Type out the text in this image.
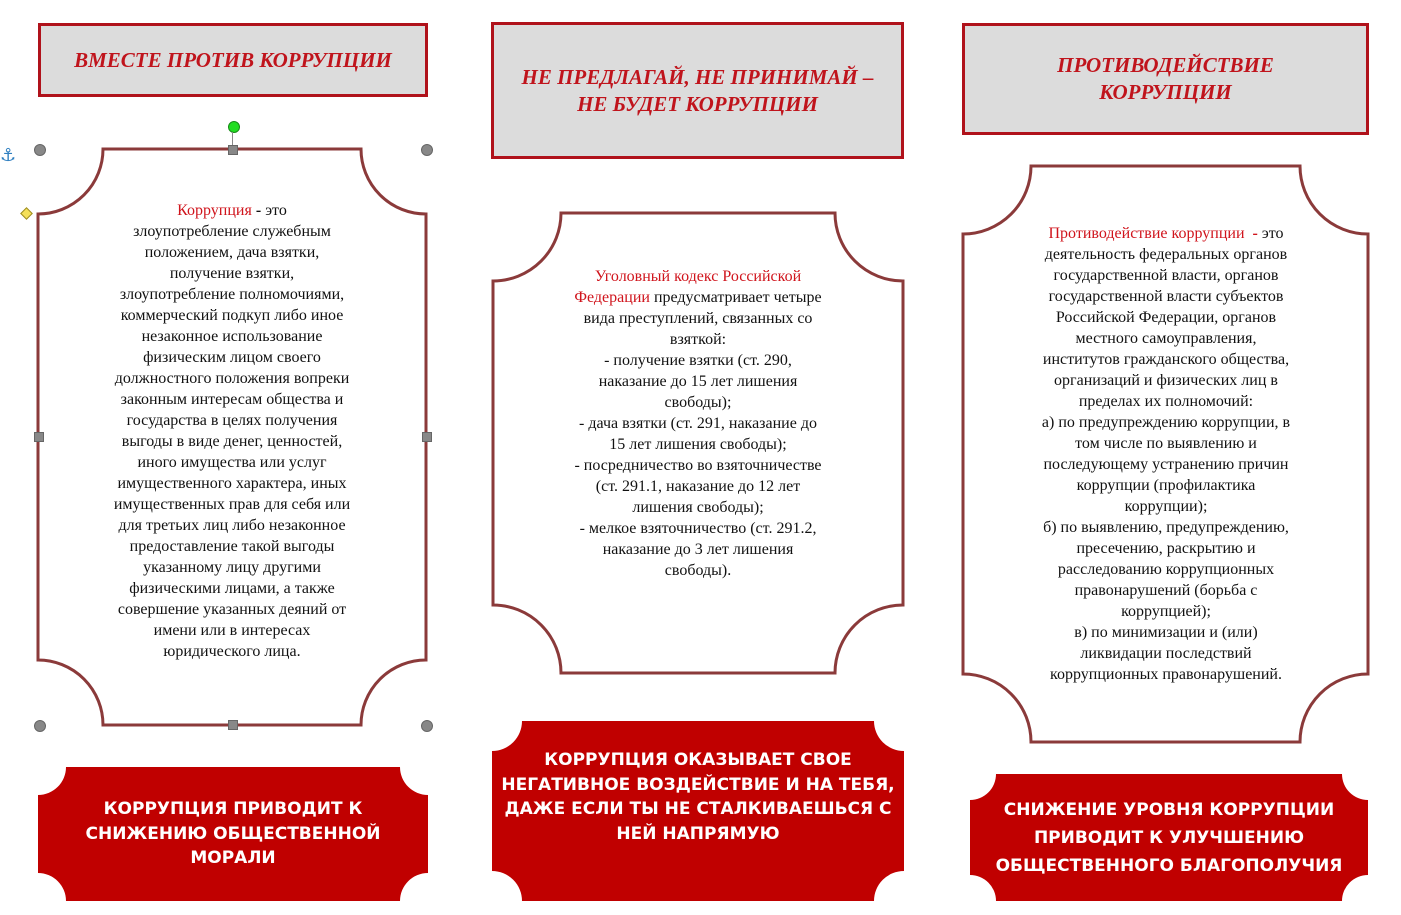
ВМЕСТЕ ПРОТИВ КОРРУПЦИИ
Коррупция - это
злоупотребление служебным
положением, дача взятки,
получение взятки,
злоупотребление полномочиями,
коммерческий подкуп либо иное
незаконное использование
физическим лицом своего
должностного положения вопреки
законным интересам общества и
государства в целях получения
выгоды в виде денег, ценностей,
иного имущества или услуг
имущественного характера, иных
имущественных прав для себя или
для третьих лиц либо незаконное
предоставление такой выгоды
указанному лицу другими
физическими лицами, а также
совершение указанных деяний от
имени или в интересах
юридического лица.
⚓
КОРРУПЦИЯ ПРИВОДИТ К
СНИЖЕНИЮ ОБЩЕСТВЕННОЙ
МОРАЛИ
НЕ ПРЕДЛАГАЙ, НЕ ПРИНИМАЙ –
НЕ БУДЕТ КОРРУПЦИИ
Уголовный кодекс Российской
Федерации предусматривает четыре
вида преступлений, связанных со
взяткой:
- получение взятки (ст. 290,
наказание до 15 лет лишения
свободы);
- дача взятки (ст. 291, наказание до
15 лет лишения свободы);
- посредничество во взяточничестве
(ст. 291.1, наказание до 12 лет
лишения свободы);
- мелкое взяточничество (ст. 291.2,
наказание до 3 лет лишения
свободы).
КОРРУПЦИЯ ОКАЗЫВАЕТ СВОЕ
НЕГАТИВНОЕ ВОЗДЕЙСТВИЕ И НА ТЕБЯ,
ДАЖЕ ЕСЛИ ТЫ НЕ СТАЛКИВАЕШЬСЯ С
НЕЙ НАПРЯМУЮ
ПРОТИВОДЕЙСТВИЕ
КОРРУПЦИИ
Противодействие коррупции  - это
деятельность федеральных органов
государственной власти, органов
государственной власти субъектов
Российской Федерации, органов
местного самоуправления,
институтов гражданского общества,
организаций и физических лиц в
пределах их полномочий:
а) по предупреждению коррупции, в
том числе по выявлению и
последующему устранению причин
коррупции (профилактика
коррупции);
б) по выявлению, предупреждению,
пресечению, раскрытию и
расследованию коррупционных
правонарушений (борьба с
коррупцией);
в) по минимизации и (или)
ликвидации последствий
коррупционных правонарушений.
СНИЖЕНИЕ УРОВНЯ КОРРУПЦИИ
ПРИВОДИТ К УЛУЧШЕНИЮ
ОБЩЕСТВЕННОГО БЛАГОПОЛУЧИЯ
